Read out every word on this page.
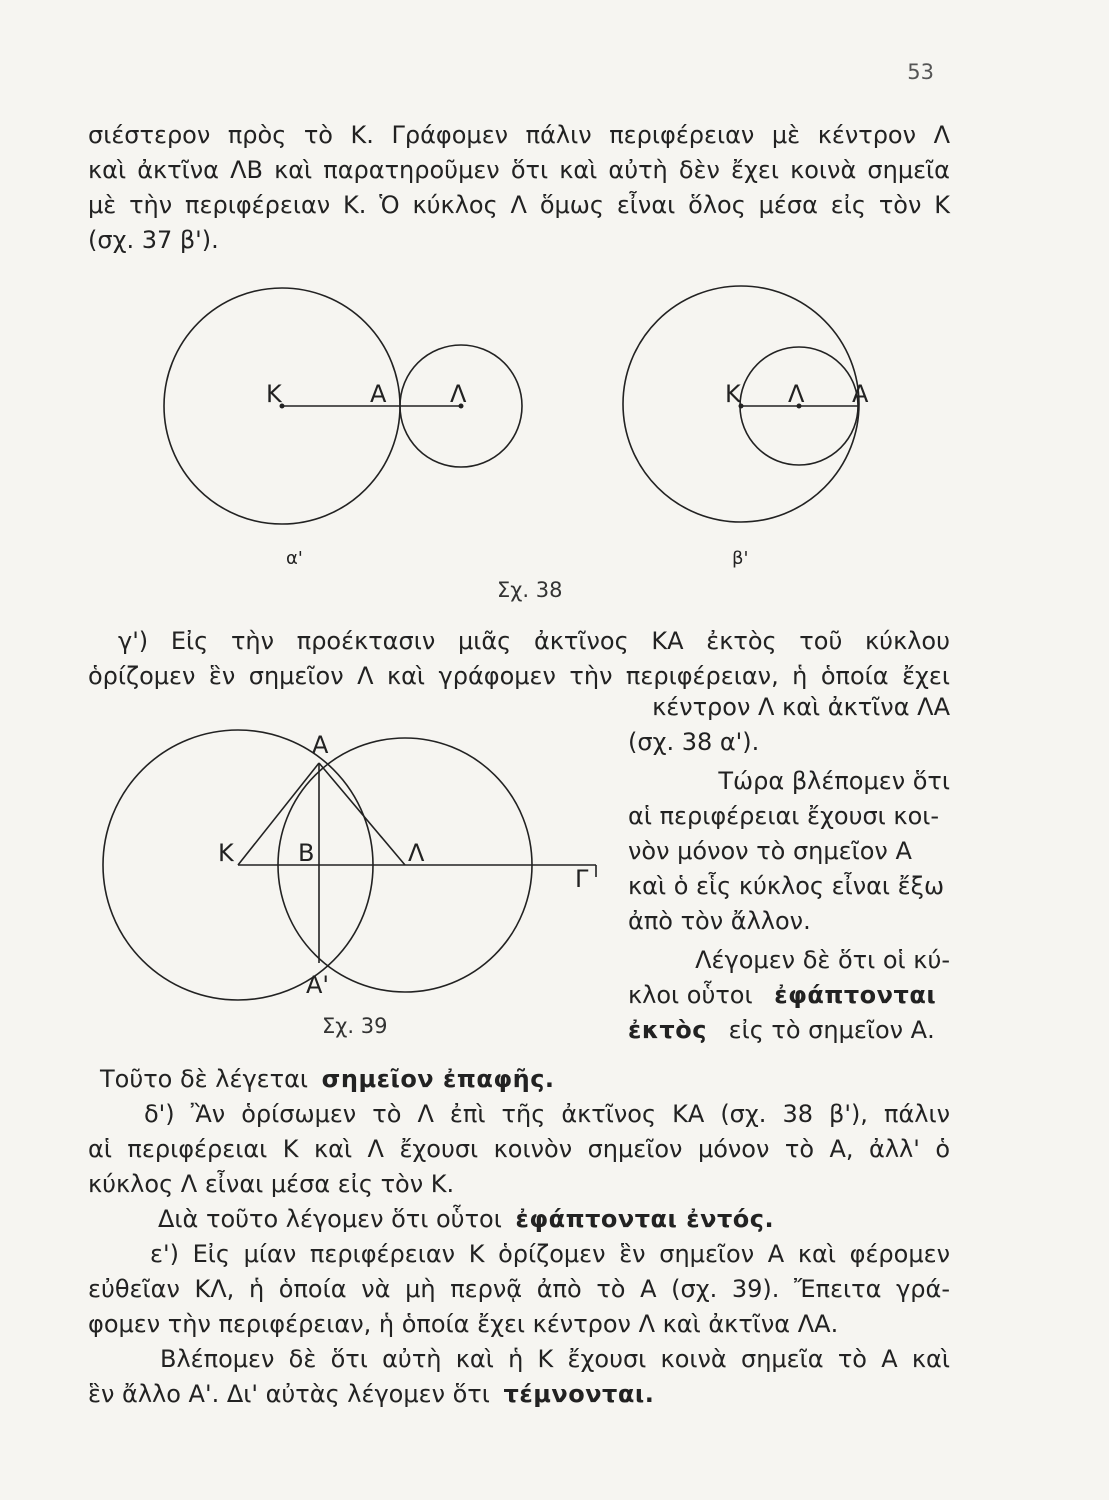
53
σιέστερον πρὸς τὸ Κ. Γράφομεν πάλιν περιφέρειαν μὲ κέντρον Λ
καὶ ἀκτῖνα ΛΒ καὶ παρατηροῦμεν ὅτι καὶ αὐτὴ δὲν ἔχει κοινὰ σημεῖα
μὲ τὴν περιφέρειαν Κ. Ὁ κύκλος Λ ὅμως εἶναι ὅλος μέσα εἰς τὸν Κ
(σχ. 37 β').
Κ	Α	Λ	Κ Λ Α
α'	β'
Σχ. 38
γ') Εἰς τὴν προέκτασιν μιᾶς ἀκτῖνος ΚΑ ἐκτὸς τοῦ κύκλου
ὁρίζομεν ἓν σημεῖον Λ καὶ γράφομεν τὴν περιφέρειαν, ἡ ὁποία ἔχει
Α
Κ	Β	Λ
Γ
Α'
Σχ. 39
κέντρον Λ καὶ ἀκτῖνα ΛΑ
(σχ. 38 α').
Τώρα βλέπομεν ὅτι
αἱ περιφέρειαι ἔχουσι κοι-
νὸν μόνον τὸ σημεῖον Α
καὶ ὁ εἷς κύκλος εἶναι ἔξω
ἀπὸ τὸν ἄλλον.
Λέγομεν δὲ ὅτι οἱ κύ-
κλοι οὗτοι ἐφάπτονται
ἐκτὸς εἰς τὸ σημεῖον Α.
Τοῦτο δὲ λέγεται σημεῖον ἐπαφῆς.
δ') Ἂν ὁρίσωμεν τὸ Λ ἐπὶ τῆς ἀκτῖνος ΚΑ (σχ. 38 β'), πάλιν
αἱ περιφέρειαι Κ καὶ Λ ἔχουσι κοινὸν σημεῖον μόνον τὸ Α, ἀλλ' ὁ
κύκλος Λ εἶναι μέσα εἰς τὸν Κ.
Διὰ τοῦτο λέγομεν ὅτι οὗτοι ἐφάπτονται ἐντός.
ε') Εἰς μίαν περιφέρειαν Κ ὁρίζομεν ἓν σημεῖον Α καὶ φέρομεν
εὐθεῖαν ΚΛ, ἡ ὁποία νὰ μὴ περνᾷ ἀπὸ τὸ Α (σχ. 39). Ἔπειτα γρά-
φομεν τὴν περιφέρειαν, ἡ ὁποία ἔχει κέντρον Λ καὶ ἀκτῖνα ΛΑ.
Βλέπομεν δὲ ὅτι αὐτὴ καὶ ἡ Κ ἔχουσι κοινὰ σημεῖα τὸ Α καὶ
ἓν ἄλλο Α'. Δι' αὐτὰς λέγομεν ὅτι τέμνονται.
